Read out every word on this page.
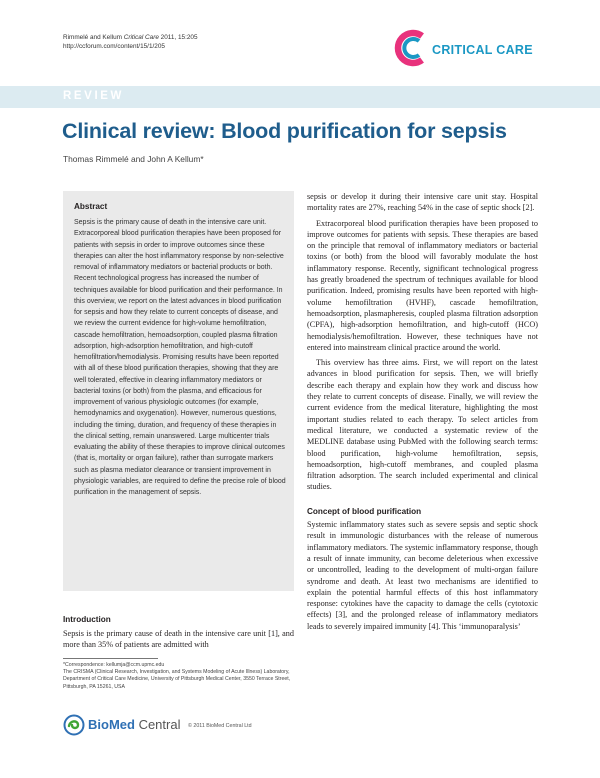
Rimmelé and Kellum Critical Care 2011, 15:205
http://ccforum.com/content/15/1/205	CRITICAL CARE
REVIEW
Clinical review: Blood purification for sepsis
Thomas Rimmelé and John A Kellum*
Abstract

Sepsis is the primary cause of death in the intensive care unit. Extracorporeal blood purification therapies have been proposed for patients with sepsis in order to improve outcomes since these therapies can alter the host inflammatory response by non-selective removal of inflammatory mediators or bacterial products or both. Recent technological progress has increased the number of techniques available for blood purification and their performance. In this overview, we report on the latest advances in blood purification for sepsis and how they relate to current concepts of disease, and we review the current evidence for high-volume hemofiltration, cascade hemofiltration, hemoadsorption, coupled plasma filtration adsorption, high-adsorption hemofiltration, and high-cutoff hemofiltration/hemodialysis. Promising results have been reported with all of these blood purification therapies, showing that they are well tolerated, effective in clearing inflammatory mediators or bacterial toxins (or both) from the plasma, and efficacious for improvement of various physiologic outcomes (for example, hemodynamics and oxygenation). However, numerous questions, including the timing, duration, and frequency of these therapies in the clinical setting, remain unanswered. Large multicenter trials evaluating the ability of these therapies to improve clinical outcomes (that is, mortality or organ failure), rather than surrogate markers such as plasma mediator clearance or transient improvement in physiologic variables, are required to define the precise role of blood purification in the management of sepsis.

Introduction
Sepsis is the primary cause of death in the intensive care unit [1], and more than 35% of patients are admitted with
*Correspondence: kellumja@ccm.upmc.edu
The CRISMA (Clinical Research, Investigation, and Systems Modeling of Acute Illness) Laboratory, Department of Critical Care Medicine, University of Pittsburgh Medical Center, 3550 Terrace Street, Pittsburgh, PA 15261, USA
BioMed Central © 2011 BioMed Central Ltd

sepsis or develop it during their intensive care unit stay. Hospital mortality rates are 27%, reaching 54% in the case of septic shock [2].

Extracorporeal blood purification therapies have been proposed to improve outcomes for patients with sepsis. These therapies are based on the principle that removal of inflammatory mediators or bacterial toxins (or both) from the blood will favorably modulate the host inflammatory response. Recently, significant technological progress has greatly broadened the spectrum of techniques available for blood purification. Indeed, promising results have been reported with high-volume hemofiltration (HVHF), cascade hemofiltration, hemoadsorption, plasmapheresis, coupled plasma filtration adsorption (CPFA), high-adsorption hemofiltration, and high-cutoff (HCO) hemodialysis/hemofiltration. However, these techniques have not entered into mainstream clinical practice around the world.

This overview has three aims. First, we will report on the latest advances in blood purification for sepsis. Then, we will briefly describe each therapy and explain how they work and discuss how they relate to current concepts of disease. Finally, we will review the current evidence from the medical literature, highlighting the most important studies related to each therapy. To select articles from medical literature, we conducted a systematic review of the MEDLINE database using PubMed with the following search terms: blood purification, high-volume hemofiltration, sepsis, hemoadsorption, high-cutoff membranes, and coupled plasma filtration adsorption. The search included experimental and clinical studies.

Concept of blood purification
Systemic inflammatory states such as severe sepsis and septic shock result in immunologic disturbances with the release of numerous inflammatory mediators. The systemic inflammatory response, though a result of innate immunity, can become deleterious when excessive or uncontrolled, leading to the development of multi-organ failure syndrome and death. At least two mechanisms are identified to explain the potential harmful effects of this host inflammatory response: cytokines have the capacity to damage the cells (cytotoxic effects) [3], and the prolonged release of inflammatory mediators leads to severely impaired immunity [4]. This ‘immunoparalysis’
